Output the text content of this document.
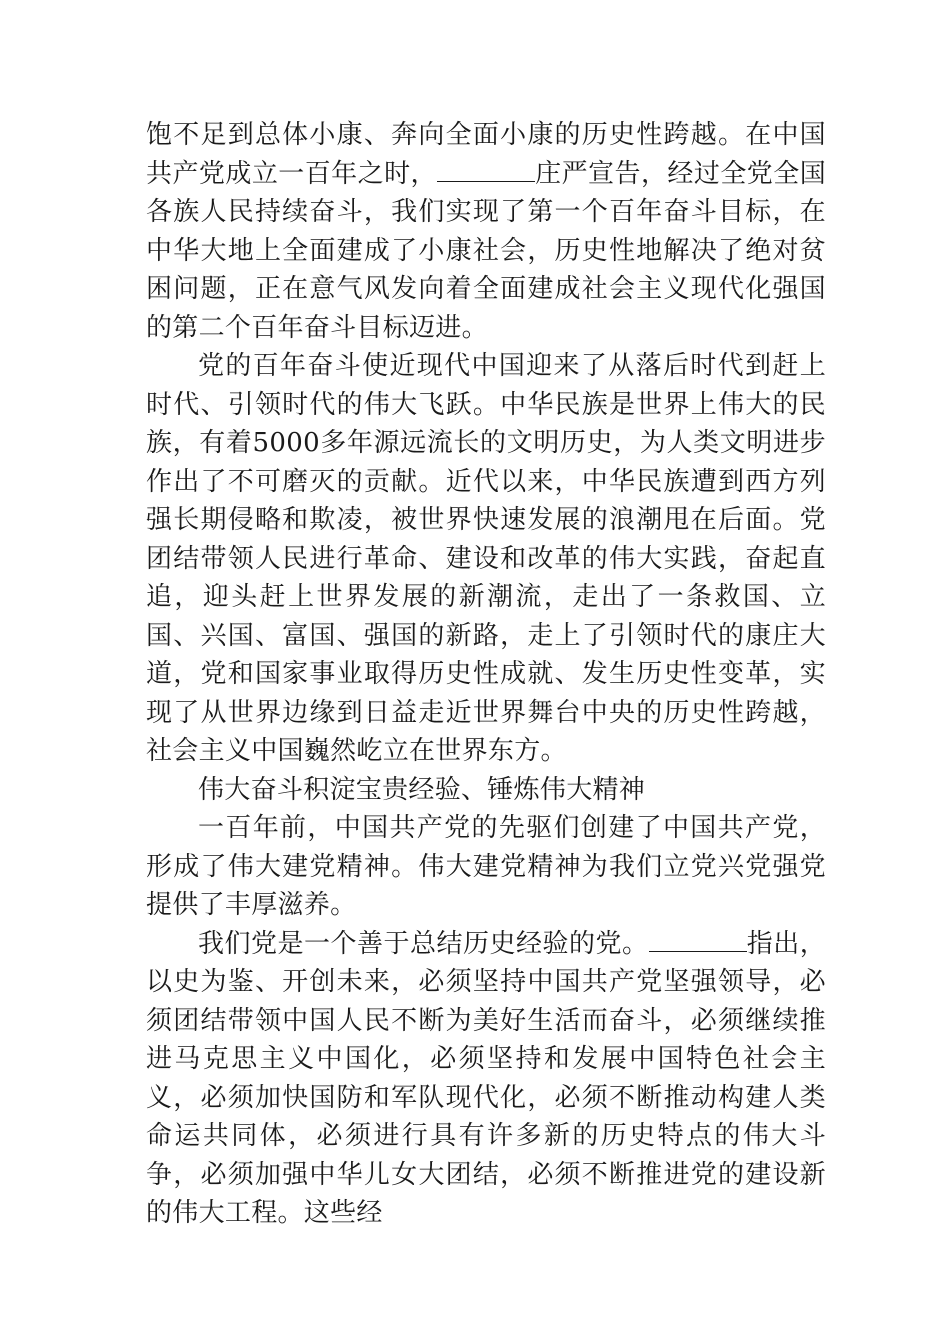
饱不足到总体小康、奔向全面小康的历史性跨越。在中国共产党成立一百年之时，	庄严宣告，经过全党全国各族人民持续奋斗，我们实现了第一个百年奋斗目标，在中华大地上全面建成了小康社会，历史性地解决了绝对贫困问题，正在意气风发向着全面建成社会主义现代化强国的第二个百年奋斗目标迈进。

党的百年奋斗使近现代中国迎来了从落后时代到赶上时代、引领时代的伟大飞跃。中华民族是世界上伟大的民族，有着5000多年源远流长的文明历史，为人类文明进步作出了不可磨灭的贡献。近代以来，中华民族遭到西方列强长期侵略和欺凌，被世界快速发展的浪潮甩在后面。党团结带领人民进行革命、建设和改革的伟大实践，奋起直追，迎头赶上世界发展的新潮流，走出了一条救国、立国、兴国、富国、强国的新路，走上了引领时代的康庄大道，党和国家事业取得历史性成就、发生历史性变革，实现了从世界边缘到日益走近世界舞台中央的历史性跨越，社会主义中国巍然屹立在世界东方。

伟大奋斗积淀宝贵经验、锤炼伟大精神

一百年前，中国共产党的先驱们创建了中国共产党，形成了伟大建党精神。伟大建党精神为我们立党兴党强党提供了丰厚滋养。

我们党是一个善于总结历史经验的党。	指出，以史为鉴、开创未来，必须坚持中国共产党坚强领导，必须团结带领中国人民不断为美好生活而奋斗，必须继续推进马克思主义中国化，必须坚持和发展中国特色社会主义，必须加快国防和军队现代化，必须不断推动构建人类命运共同体，必须进行具有许多新的历史特点的伟大斗争，必须加强中华儿女大团结，必须不断推进党的建设新的伟大工程。这些经
